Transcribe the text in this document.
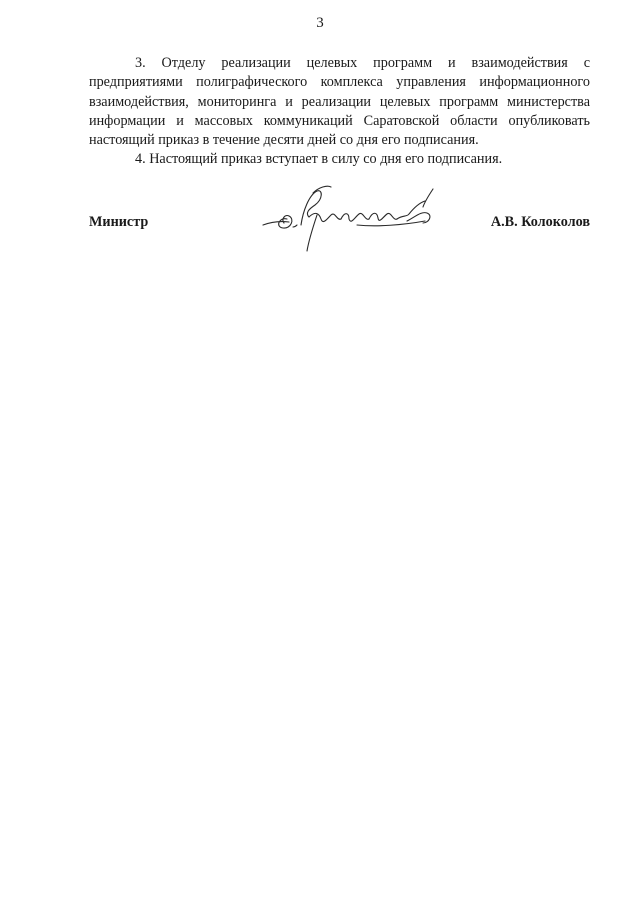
3

3. Отделу реализации целевых программ и взаимодействия с предприятиями полиграфического комплекса управления информационного взаимодействия, мониторинга и реализации целевых программ министерства информации и массовых коммуникаций Саратовской области опубликовать настоящий приказ в течение десяти дней со дня его подписания.

4. Настоящий приказ вступает в силу со дня его подписания.

Министр	А.В. Колоколов
